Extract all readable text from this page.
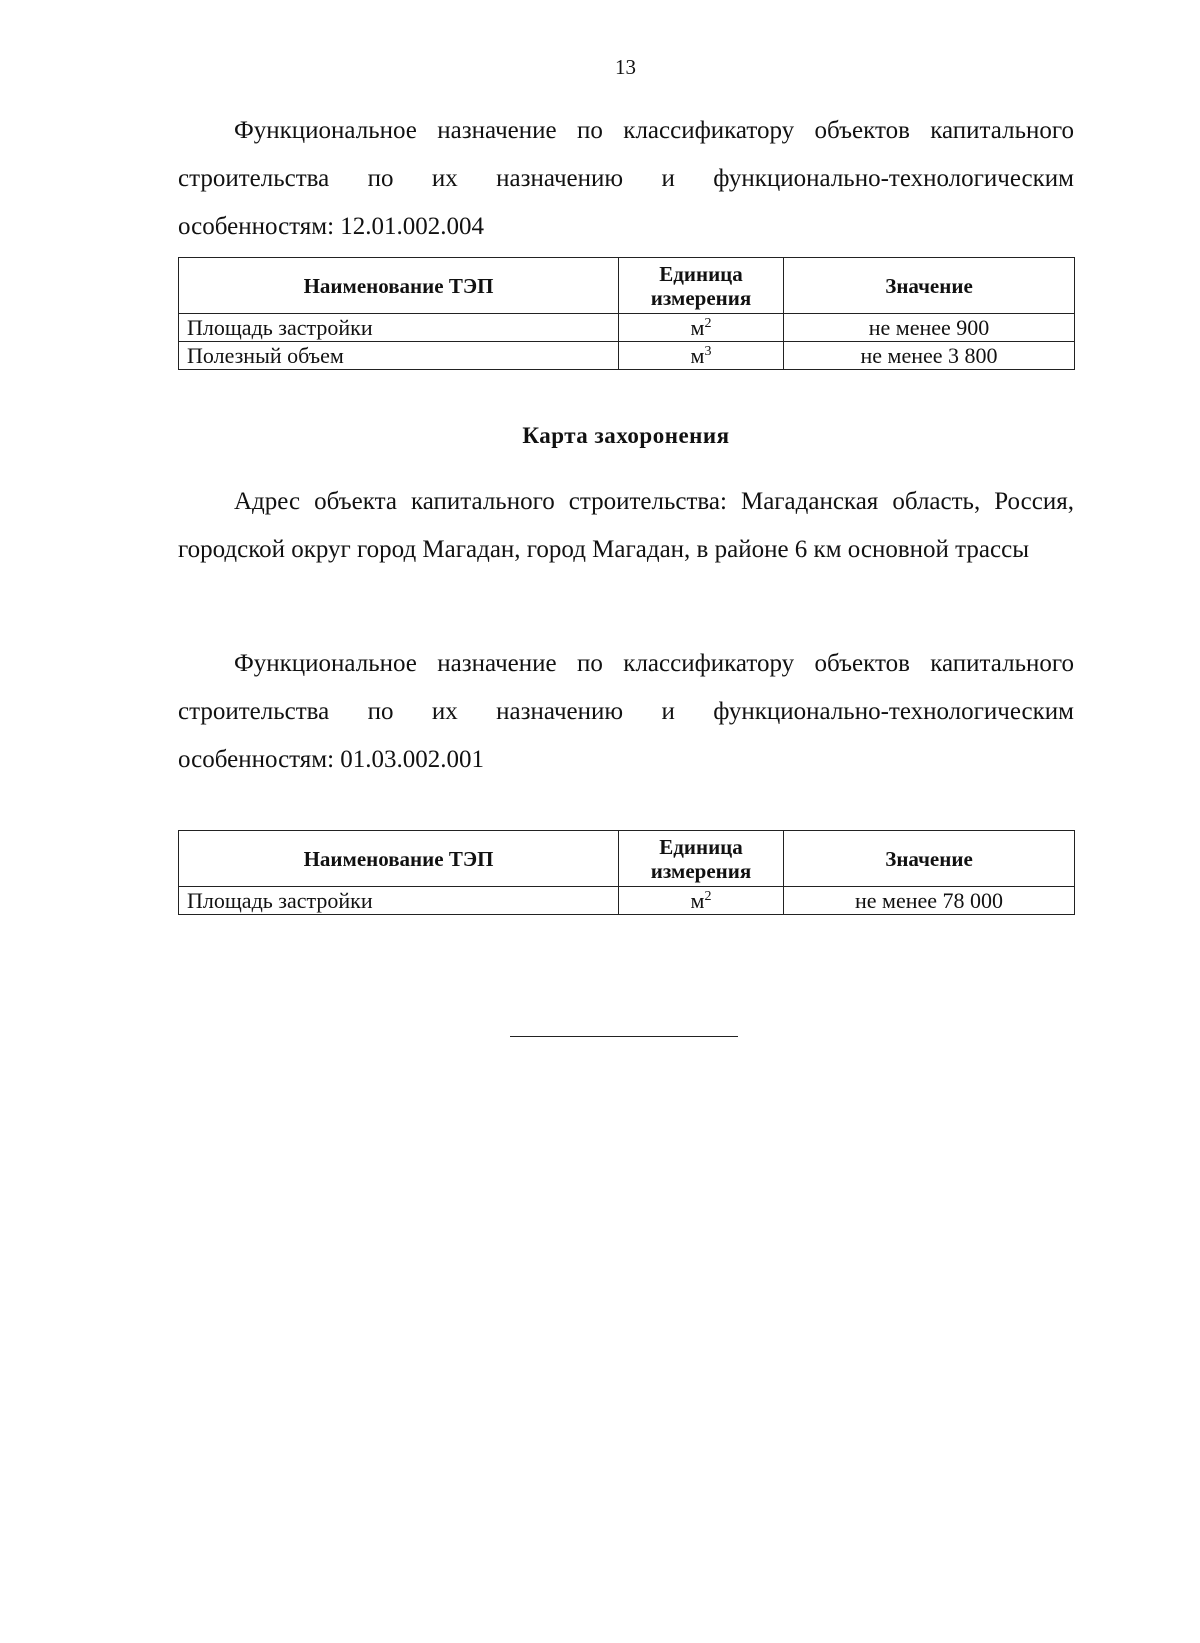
13
Функциональное назначение по классификатору объектов капитального строительства по их назначению и функционально-технологическим особенностям: 12.01.002.004
Наименование ТЭП	Единица измерения	Значение
Площадь застройки	$м^2$	не менее 900
Полезный объем	$м^3$	не менее 3 800
Карта захоронения
Адрес объекта капитального строительства: Магаданская область, Россия, городской округ город Магадан, город Магадан, в районе 6 км основной трассы
Функциональное назначение по классификатору объектов капитального строительства по их назначению и функционально-технологическим особенностям: 01.03.002.001
Наименование ТЭП	Единица измерения	Значение
Площадь застройки	$м^2$	не менее 78 000
